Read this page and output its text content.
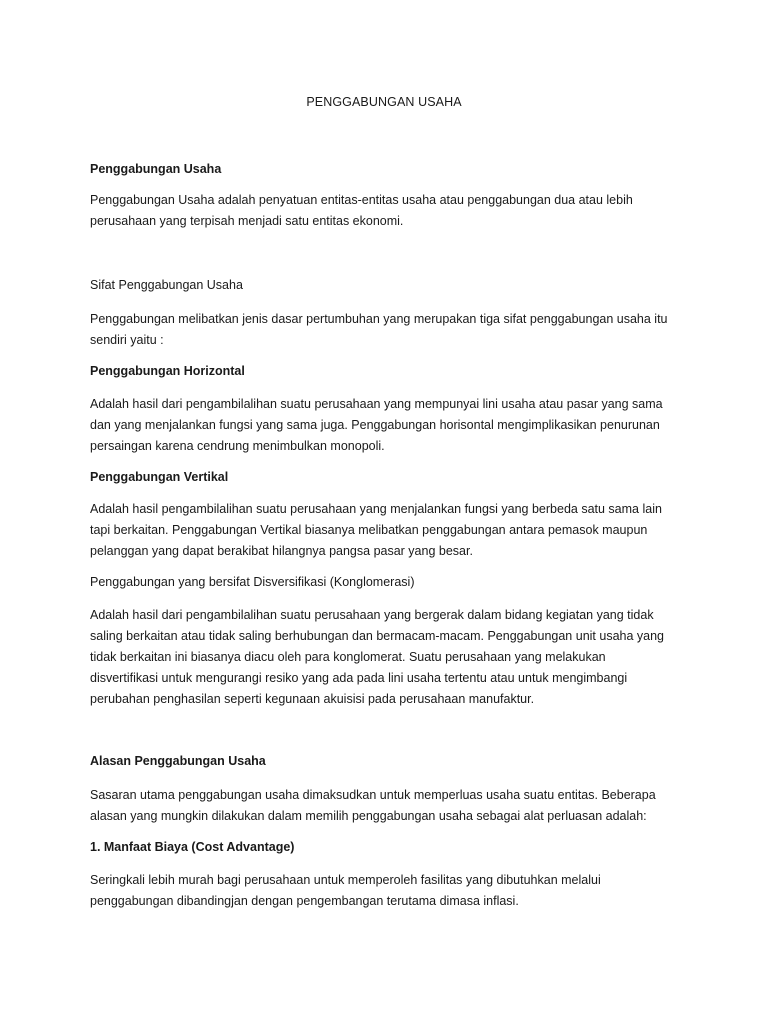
PENGGABUNGAN USAHA

Penggabungan Usaha

Penggabungan Usaha adalah penyatuan entitas-entitas usaha atau penggabungan dua atau lebih
perusahaan yang terpisah menjadi satu entitas ekonomi.

Sifat Penggabungan Usaha

Penggabungan melibatkan jenis dasar pertumbuhan yang merupakan tiga sifat penggabungan usaha itu
sendiri yaitu :

Penggabungan Horizontal

Adalah hasil dari pengambilalihan suatu perusahaan yang mempunyai lini usaha atau pasar yang sama
dan yang menjalankan fungsi yang sama juga. Penggabungan horisontal mengimplikasikan penurunan
persaingan karena cendrung menimbulkan monopoli.

Penggabungan Vertikal

Adalah hasil pengambilalihan suatu perusahaan yang menjalankan fungsi yang berbeda satu sama lain
tapi berkaitan. Penggabungan Vertikal biasanya melibatkan penggabungan antara pemasok maupun
pelanggan yang dapat berakibat hilangnya pangsa pasar yang besar.

Penggabungan yang bersifat Disversifikasi (Konglomerasi)

Adalah hasil dari pengambilalihan suatu perusahaan yang bergerak dalam bidang kegiatan yang tidak
saling berkaitan atau tidak saling berhubungan dan bermacam-macam. Penggabungan unit usaha yang
tidak berkaitan ini biasanya diacu oleh para konglomerat. Suatu perusahaan yang melakukan
disvertifikasi untuk mengurangi resiko yang ada pada lini usaha tertentu atau untuk mengimbangi
perubahan penghasilan seperti kegunaan akuisisi pada perusahaan manufaktur.

Alasan Penggabungan Usaha

Sasaran utama penggabungan usaha dimaksudkan untuk memperluas usaha suatu entitas. Beberapa
alasan yang mungkin dilakukan dalam memilih penggabungan usaha sebagai alat perluasan adalah:

1. Manfaat Biaya (Cost Advantage)

Seringkali lebih murah bagi perusahaan untuk memperoleh fasilitas yang dibutuhkan melalui
penggabungan dibandingjan dengan pengembangan terutama dimasa inflasi.
